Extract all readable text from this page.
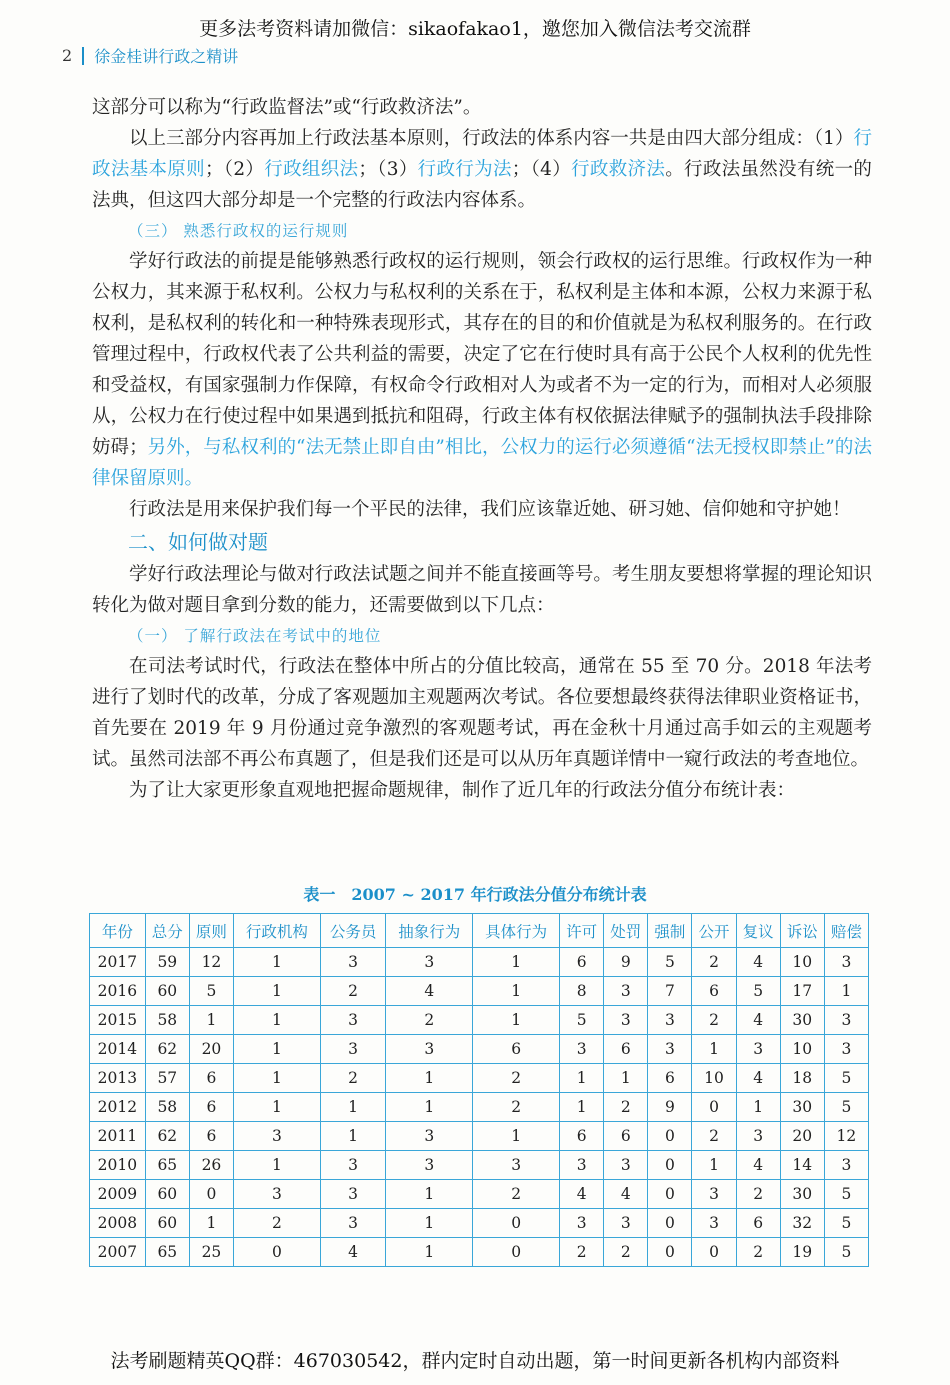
更多法考资料请加微信：sikaofakao1，邀您加入微信法考交流群
2 徐金桂讲行政之精讲

这部分可以称为“行政监督法”或“行政救济法”。

以上三部分内容再加上行政法基本原则，行政法的体系内容一共是由四大部分组成：（1）行政法基本原则；（2）行政组织法；（3）行政行为法；（4）行政救济法。行政法虽然没有统一的法典，但这四大部分却是一个完整的行政法内容体系。

（三） 熟悉行政权的运行规则

学好行政法的前提是能够熟悉行政权的运行规则，领会行政权的运行思维。行政权作为一种公权力，其来源于私权利。公权力与私权利的关系在于，私权利是主体和本源，公权力来源于私权利，是私权利的转化和一种特殊表现形式，其存在的目的和价值就是为私权利服务的。在行政管理过程中，行政权代表了公共利益的需要，决定了它在行使时具有高于公民个人权利的优先性和受益权，有国家强制力作保障，有权命令行政相对人为或者不为一定的行为，而相对人必须服从，公权力在行使过程中如果遇到抵抗和阻碍，行政主体有权依据法律赋予的强制执法手段排除妨碍；另外，与私权利的“法无禁止即自由”相比，公权力的运行必须遵循“法无授权即禁止”的法律保留原则。

行政法是用来保护我们每一个平民的法律，我们应该靠近她、研习她、信仰她和守护她！

二、如何做对题

学好行政法理论与做对行政法试题之间并不能直接画等号。考生朋友要想将掌握的理论知识转化为做对题目拿到分数的能力，还需要做到以下几点：

（一） 了解行政法在考试中的地位

在司法考试时代，行政法在整体中所占的分值比较高，通常在 55 至 70 分。2018 年法考进行了划时代的改革，分成了客观题加主观题两次考试。各位要想最终获得法律职业资格证书，首先要在 2019 年 9 月份通过竞争激烈的客观题考试，再在金秋十月通过高手如云的主观题考试。虽然司法部不再公布真题了，但是我们还是可以从历年真题详情中一窥行政法的考查地位。

为了让大家更形象直观地把握命题规律，制作了近几年的行政法分值分布统计表：

表一　2007 ~ 2017 年行政法分值分布统计表
年份	总分	原则	行政机构	公务员	抽象行为	具体行为	许可	处罚	强制	公开	复议	诉讼	赔偿
2017	59	12	1	3	3	1	6	9	5	2	4	10	3
2016	60	5	1	2	4	1	8	3	7	6	5	17	1
2015	58	1	1	3	2	1	5	3	3	2	4	30	3
2014	62	20	1	3	3	6	3	6	3	1	3	10	3
2013	57	6	1	2	1	2	1	1	6	10	4	18	5
2012	58	6	1	1	1	2	1	2	9	0	1	30	5
2011	62	6	3	1	3	1	6	6	0	2	3	20	12
2010	65	26	1	3	3	3	3	3	0	1	4	14	3
2009	60	0	3	3	1	2	4	4	0	3	2	30	5
2008	60	1	2	3	1	0	3	3	0	3	6	32	5
2007	65	25	0	4	1	0	2	2	0	0	2	19	5
法考刷题精英QQ群：467030542，群内定时自动出题，第一时间更新各机构内部资料
